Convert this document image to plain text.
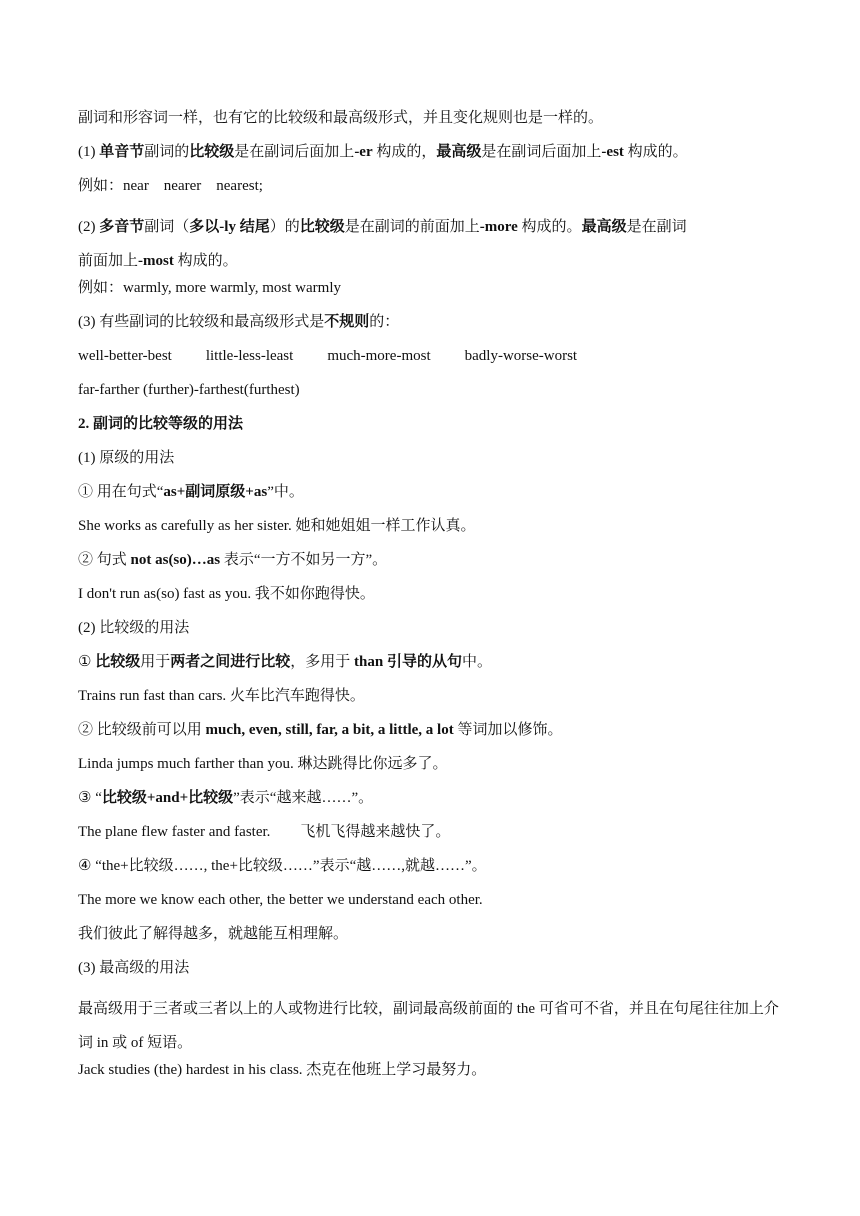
副词和形容词一样，也有它的比较级和最高级形式，并且变化规则也是一样的。
(1) 单音节副词的比较级是在副词后面加上-er 构成的，最高级是在副词后面加上-est 构成的。
例如：near    nearer    nearest;
(2) 多音节副词（多以-ly 结尾）的比较级是在副词的前面加上-more 构成的。最高级是在副词
前面加上-most 构成的。
例如：warmly, more warmly, most warmly
(3) 有些副词的比较级和最高级形式是不规则的：
well-better-best little-less-least much-more-most badly-worse-worst
far-farther (further)-farthest(furthest)
2. 副词的比较等级的用法
(1) 原级的用法
① 用在句式“as+副词原级+as”中。
She works as carefully as her sister. 她和她姐姐一样工作认真。
② 句式 not as(so)…as 表示“一方不如另一方”。
I don't run as(so) fast as you. 我不如你跑得快。
(2) 比较级的用法
① 比较级用于两者之间进行比较，多用于 than 引导的从句中。
Trains run fast than cars. 火车比汽车跑得快。
② 比较级前可以用 much, even, still, far, a bit, a little, a lot 等词加以修饰。
Linda jumps much farther than you. 琳达跳得比你远多了。
③ “比较级+and+比较级”表示“越来越……”。
The plane flew faster and faster.        飞机飞得越来越快了。
④ “the+比较级……, the+比较级……”表示“越……,就越……”。
The more we know each other, the better we understand each other.
我们彼此了解得越多，就越能互相理解。
(3) 最高级的用法
最高级用于三者或三者以上的人或物进行比较，副词最高级前面的 the 可省可不省，并且在句尾往往加上介词 in 或 of 短语。
Jack studies (the) hardest in his class. 杰克在他班上学习最努力。
